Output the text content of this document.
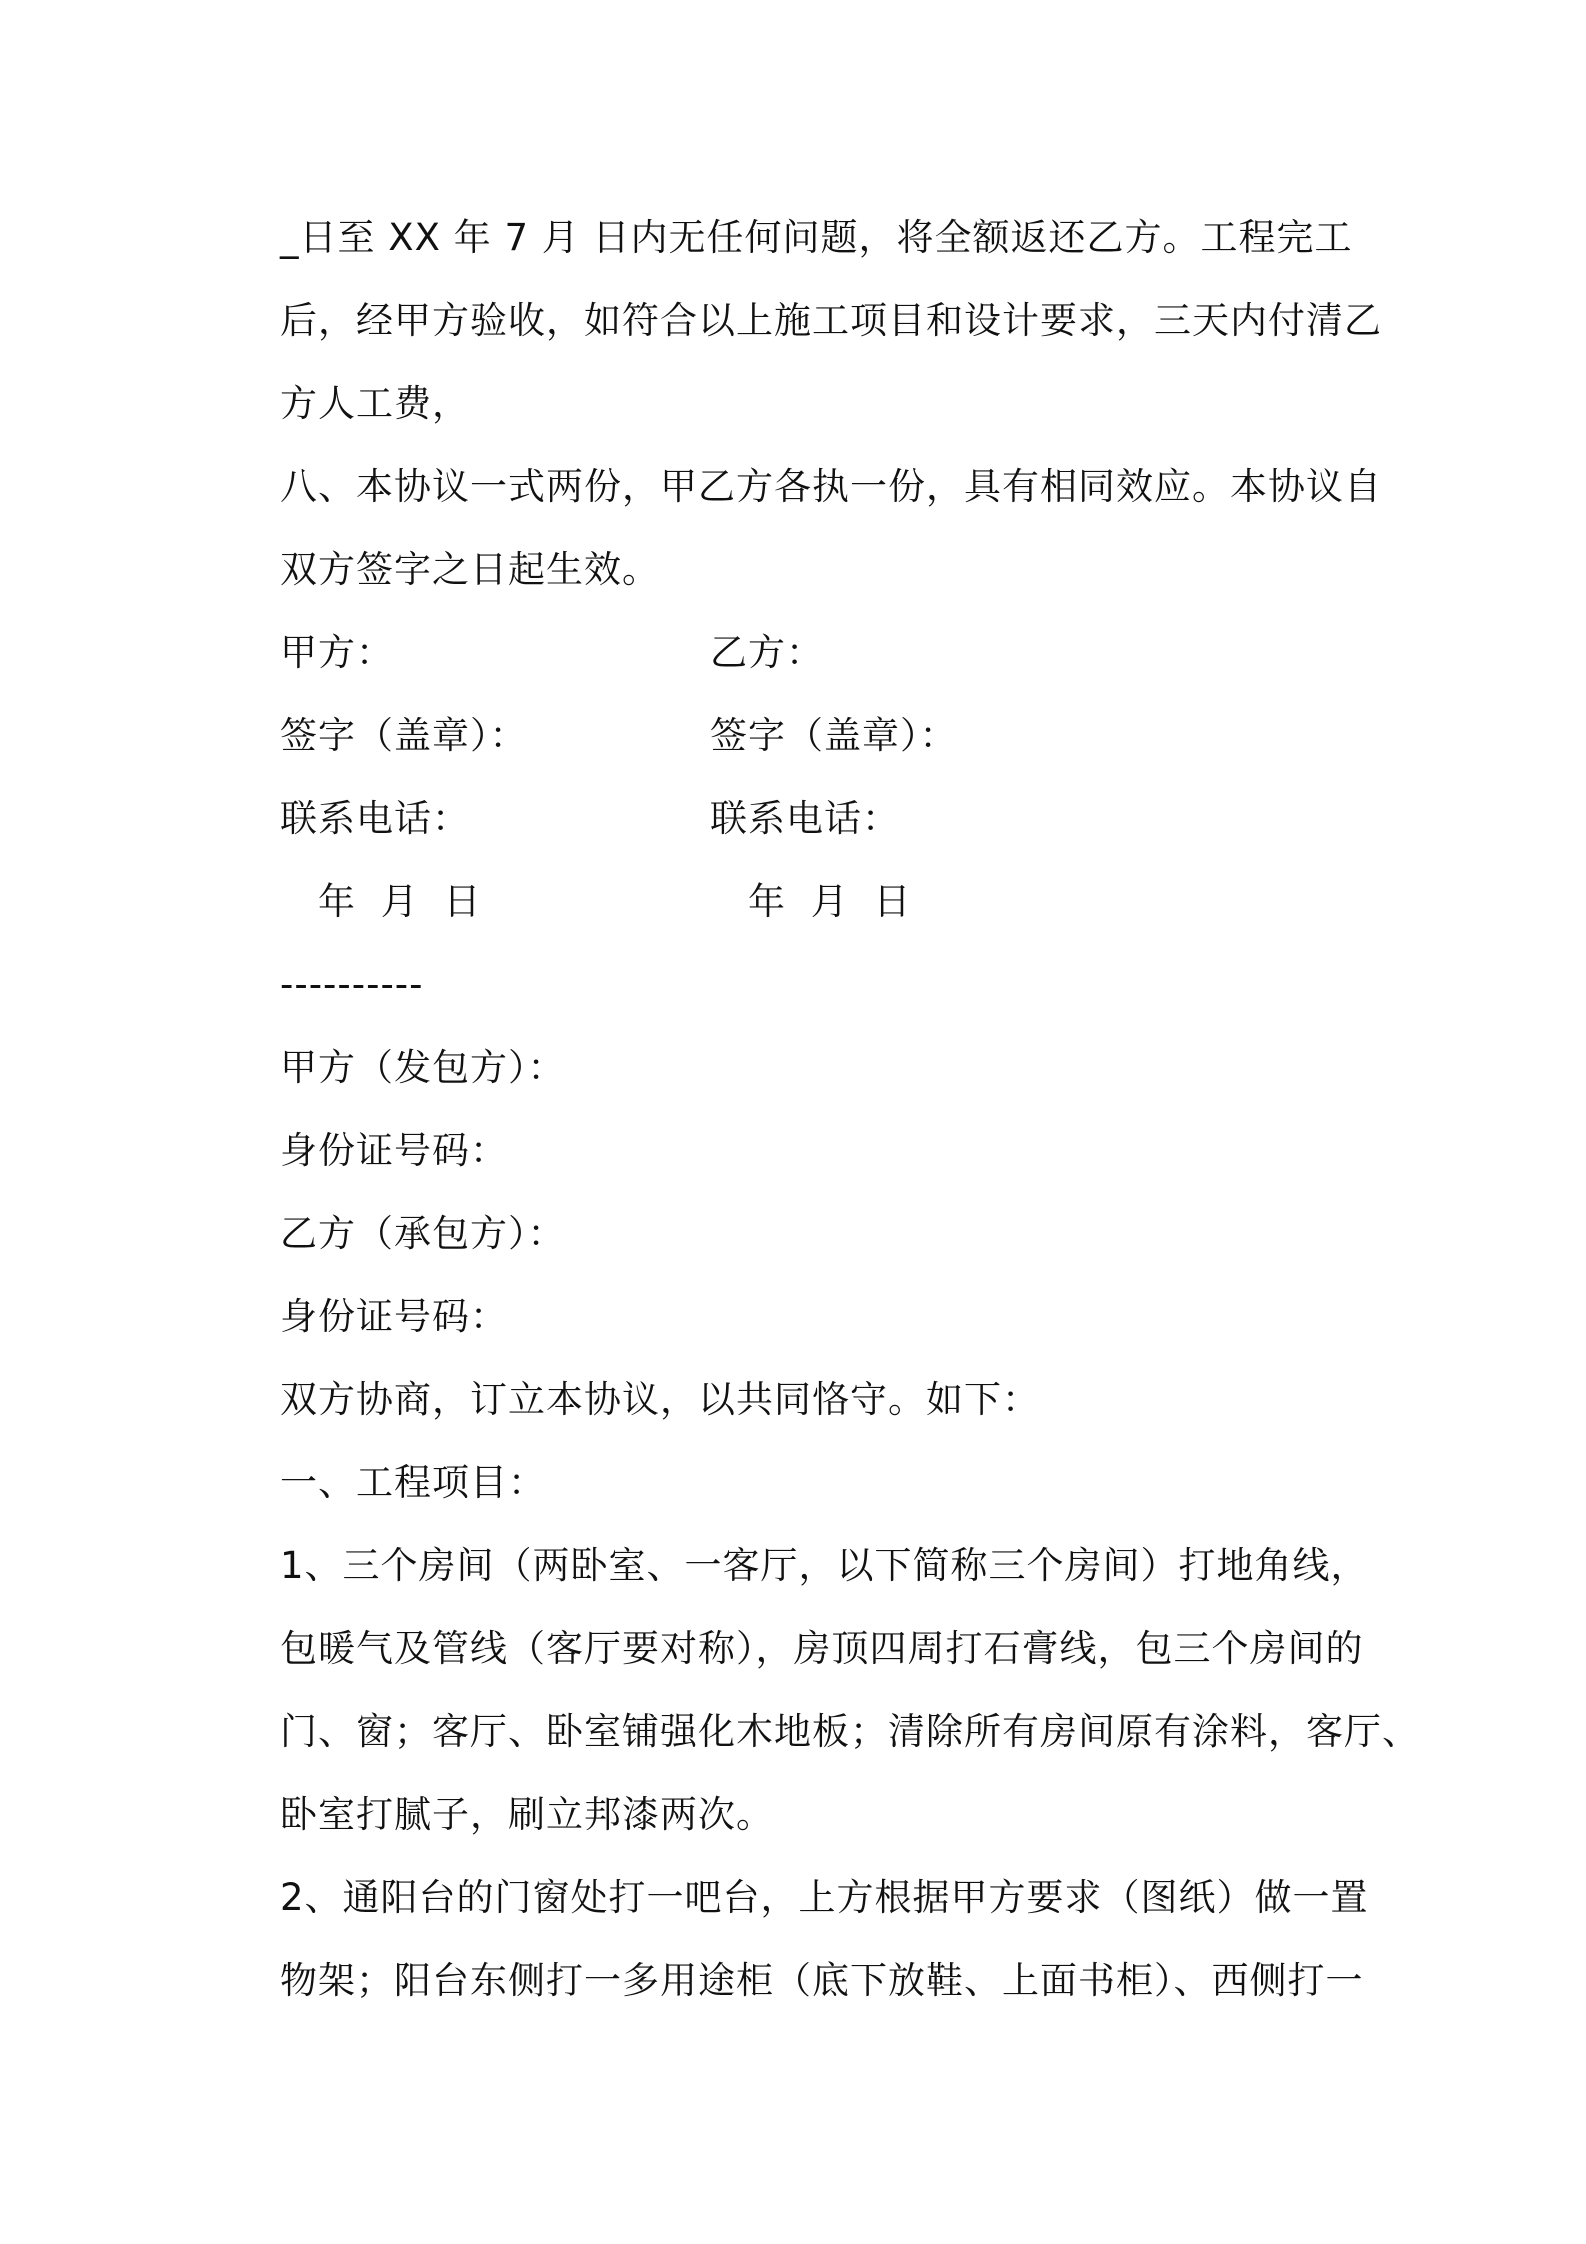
_日至 XX 年 7 月 日内无任何问题，将全额返还乙方。工程完工
后，经甲方验收，如符合以上施工项目和设计要求，三天内付清乙
方人工费，
八、本协议一式两份，甲乙方各执一份，具有相同效应。本协议自
双方签字之日起生效。
甲方：	乙方：
签字（盖章）：	签字（盖章）：
联系电话：	联系电话：
年 月 日	年 月 日
----------
甲方（发包方）：
身份证号码：
乙方（承包方）：
身份证号码：
双方协商，订立本协议，以共同恪守。如下：
一、工程项目：
1、三个房间（两卧室、一客厅，以下简称三个房间）打地角线，
包暖气及管线（客厅要对称），房顶四周打石膏线，包三个房间的
门、窗；客厅、卧室铺强化木地板；清除所有房间原有涂料，客厅、
卧室打腻子，刷立邦漆两次。
2、通阳台的门窗处打一吧台，上方根据甲方要求（图纸）做一置
物架；阳台东侧打一多用途柜（底下放鞋、上面书柜）、西侧打一
